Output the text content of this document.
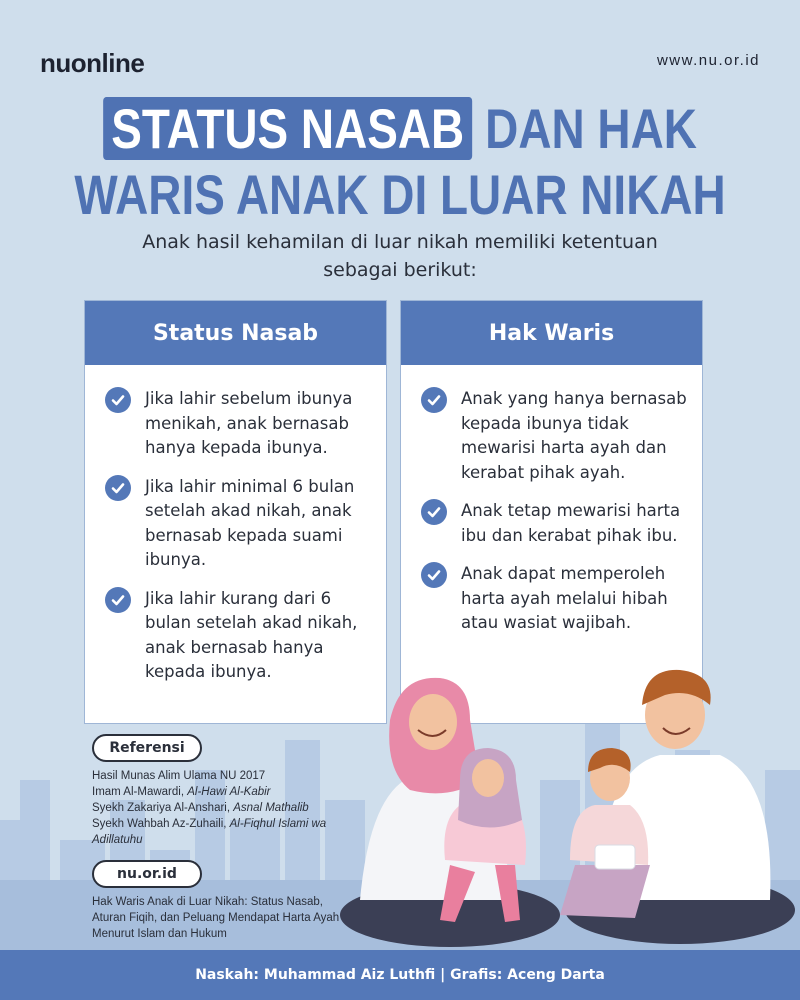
nuonline	www.nu.or.id
STATUS NASAB DAN HAK
WARIS ANAK DI LUAR NIKAH
Anak hasil kehamilan di luar nikah memiliki ketentuan
sebagai berikut:
Status Nasab
Jika lahir sebelum ibunya menikah, anak bernasab hanya kepada ibunya.
Jika lahir minimal 6 bulan setelah akad nikah, anak bernasab kepada suami ibunya.
Jika lahir kurang dari 6 bulan setelah akad nikah, anak bernasab hanya kepada ibunya.
Hak Waris
Anak yang hanya bernasab kepada ibunya tidak mewarisi harta ayah dan kerabat pihak ayah.
Anak tetap mewarisi harta ibu dan kerabat pihak ibu.
Anak dapat memperoleh harta ayah melalui hibah atau wasiat wajibah.
Referensi
Hasil Munas Alim Ulama NU 2017
Imam Al-Mawardi, Al-Hawi Al-Kabir
Syekh Zakariya Al-Anshari, Asnal Mathalib
Syekh Wahbah Az-Zuhaili, Al-Fiqhul Islami wa Adillatuhu
nu.or.id
Hak Waris Anak di Luar Nikah: Status Nasab, Aturan Fiqih, dan Peluang Mendapat Harta Ayah Menurut Islam dan Hukum
Naskah: Muhammad Aiz Luthfi | Grafis: Aceng Darta
